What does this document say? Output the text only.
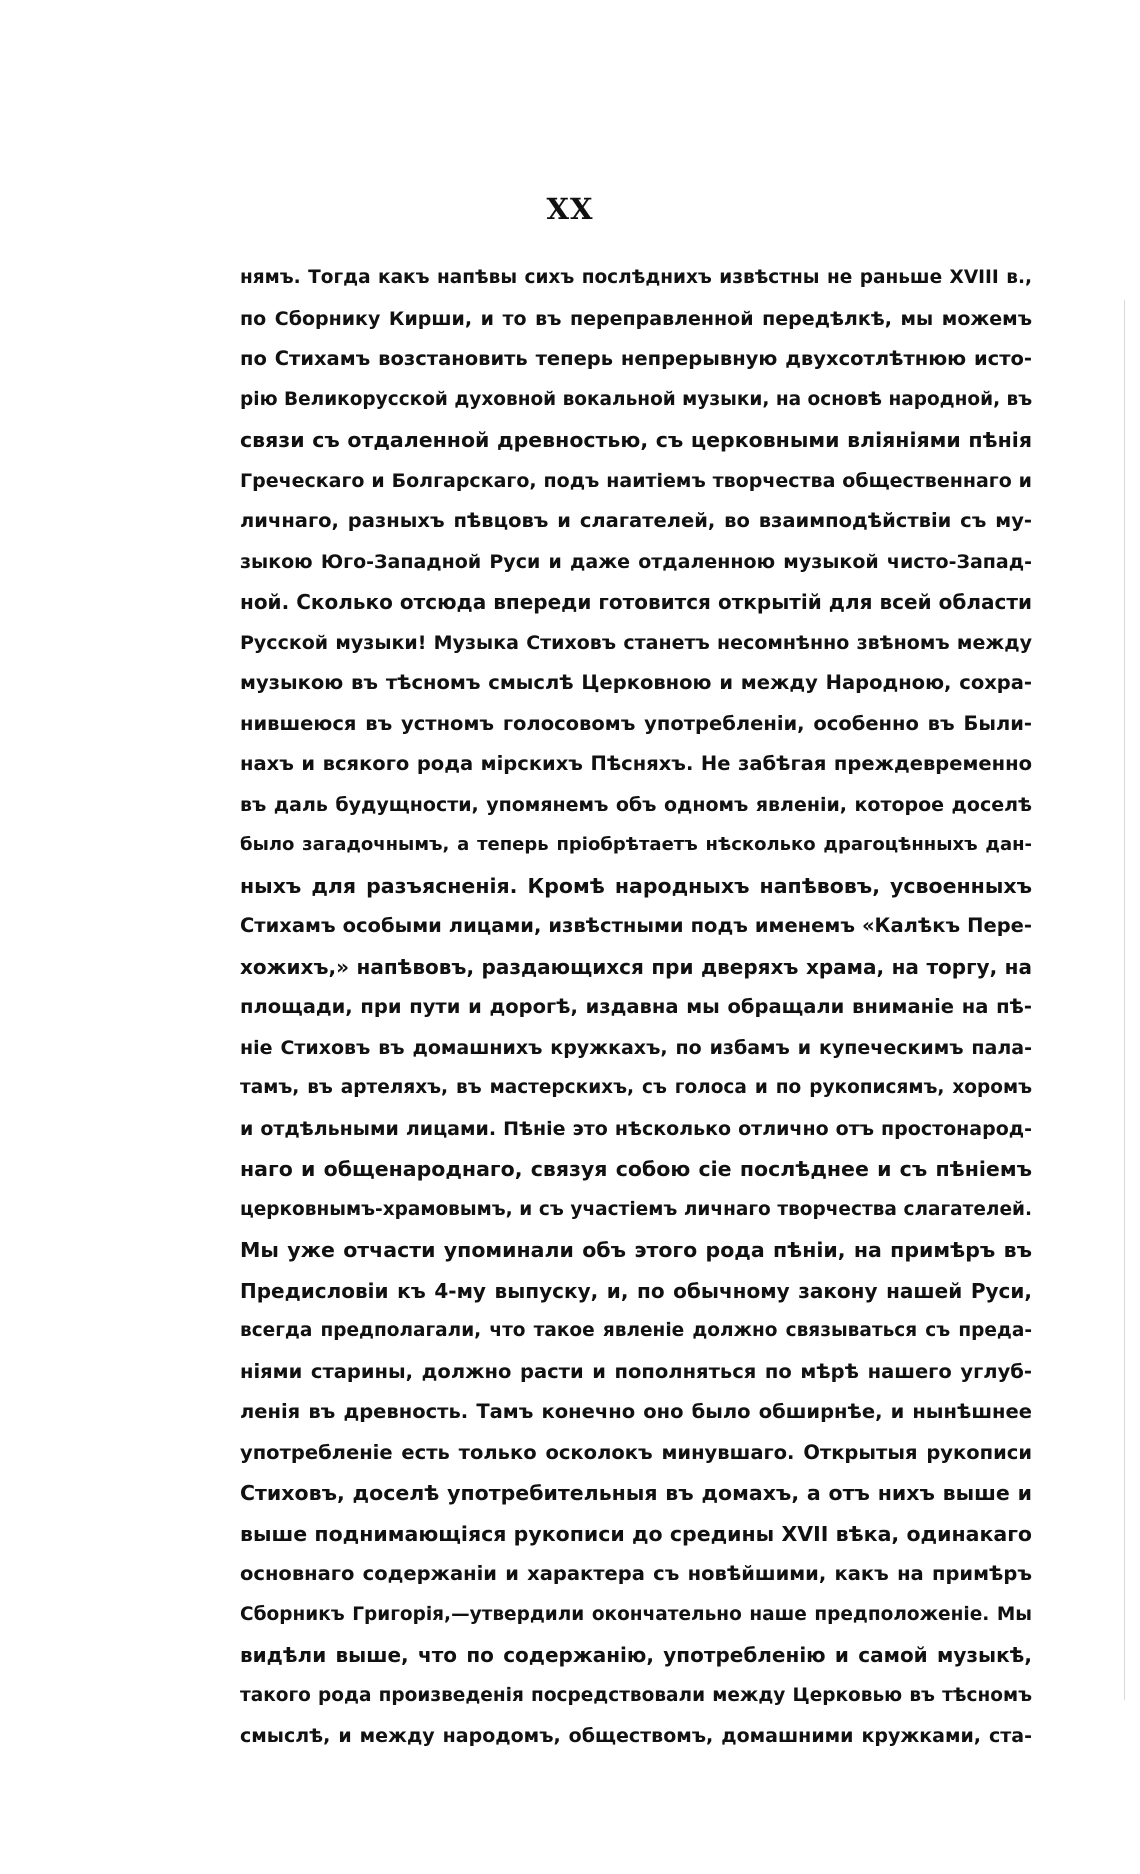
XX
нямъ. Тогда какъ напѣвы сихъ послѣднихъ извѣстны не раньше XVIII в.,
по Сборнику Кирши, и то въ переправленной передѣлкѣ, мы можемъ
по Стихамъ возстановить теперь непрерывную двухсотлѣтнюю исто-
рію Великорусской духовной вокальной музыки, на основѣ народной, въ
связи съ отдаленной древностью, съ церковными вліяніями пѣнія
Греческаго и Болгарскаго, подъ наитіемъ творчества общественнаго и
личнаго, разныхъ пѣвцовъ и слагателей, во взаимподѣйствіи съ му-
зыкою Юго-Западной Руси и даже отдаленною музыкой чисто-Запад-
ной. Сколько отсюда впереди готовится открытій для всей области
Русской музыки! Музыка Стиховъ станетъ несомнѣнно звѣномъ между
музыкою въ тѣсномъ смыслѣ Церковною и между Народною, сохра-
нившеюся въ устномъ голосовомъ употребленіи, особенно въ Были-
нахъ и всякого рода мірскихъ Пѣсняхъ. Не забѣгая преждевременно
въ даль будущности, упомянемъ объ одномъ явленіи, которое доселѣ
было загадочнымъ, а теперь пріобрѣтаетъ нѣсколько драгоцѣнныхъ дан-
ныхъ для разъясненія. Кромѣ народныхъ напѣвовъ, усвоенныхъ
Стихамъ особыми лицами, извѣстными подъ именемъ «Калѣкъ Пере-
хожихъ,» напѣвовъ, раздающихся при дверяхъ храма, на торгу, на
площади, при пути и дорогѣ, издавна мы обращали вниманіе на пѣ-
ніе Стиховъ въ домашнихъ кружкахъ, по избамъ и купеческимъ пала-
тамъ, въ артеляхъ, въ мастерскихъ, съ голоса и по рукописямъ, хоромъ
и отдѣльными лицами. Пѣніе это нѣсколько отлично отъ простонарод-
наго и общенароднаго, связуя собою сіе послѣднее и съ пѣніемъ
церковнымъ-храмовымъ, и съ участіемъ личнаго творчества слагателей.
Мы уже отчасти упоминали объ этого рода пѣніи, на примѣръ въ
Предисловіи къ 4-му выпуску, и, по обычному закону нашей Руси,
всегда предполагали, что такое явленіе должно связываться съ преда-
ніями старины, должно расти и пополняться по мѣрѣ нашего углуб-
ленія въ древность. Тамъ конечно оно было обширнѣе, и нынѣшнее
употребленіе есть только осколокъ минувшаго. Открытыя рукописи
Стиховъ, доселѣ употребительныя въ домахъ, а отъ нихъ выше и
выше поднимающіяся рукописи до средины XVII вѣка, одинакаго
основнаго содержаніи и характера съ новѣйшими, какъ на примѣръ
Сборникъ Григорія,—утвердили окончательно наше предположеніе. Мы
видѣли выше, что по содержанію, употребленію и самой музыкѣ,
такого рода произведенія посредствовали между Церковью въ тѣсномъ
смыслѣ, и между народомъ, обществомъ, домашними кружками, ста-
